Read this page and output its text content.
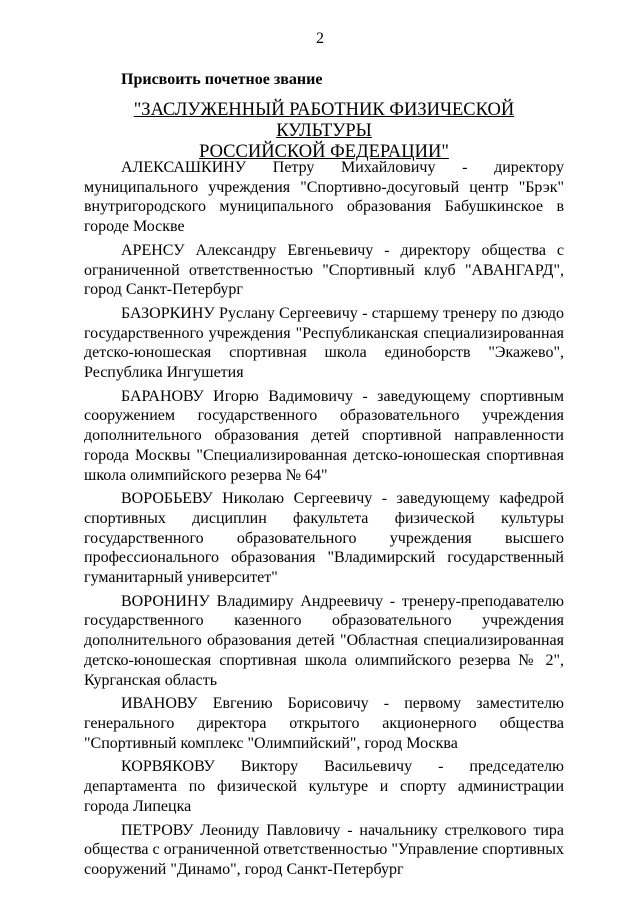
2
Присвоить почетное звание
"ЗАСЛУЖЕННЫЙ РАБОТНИК ФИЗИЧЕСКОЙ КУЛЬТУРЫ
РОССИЙСКОЙ ФЕДЕРАЦИИ"

АЛЕКСАШКИНУ Петру Михайловичу - директору муниципального учреждения "Спортивно-досуговый центр "Брэк" внутригородского муниципального образования Бабушкинское в городе Москве

АРЕНСУ Александру Евгеньевичу - директору общества с ограниченной ответственностью "Спортивный клуб "АВАНГАРД", город Санкт-Петербург

БАЗОРКИНУ Руслану Сергеевичу - старшему тренеру по дзюдо государственного учреждения "Республиканская специализированная детско-юношеская спортивная школа единоборств "Экажево", Республика Ингушетия

БАРАНОВУ Игорю Вадимовичу - заведующему спортивным сооружением государственного образовательного учреждения дополнительного образования детей спортивной направленности города Москвы "Специализированная детско-юношеская спортивная школа олимпийского резерва № 64"

ВОРОБЬЕВУ Николаю Сергеевичу - заведующему кафедрой спортивных дисциплин факультета физической культуры государственного образовательного учреждения высшего профессионального образования "Владимирский государственный гуманитарный университет"

ВОРОНИНУ Владимиру Андреевичу - тренеру-преподавателю государственного казенного образовательного учреждения дополнительного образования детей "Областная специализированная детско-юношеская спортивная школа олимпийского резерва № 2", Курганская область

ИВАНОВУ Евгению Борисовичу - первому заместителю генерального директора открытого акционерного общества "Спортивный комплекс "Олимпийский", город Москва

КОРВЯКОВУ Виктору Васильевичу - председателю департамента по физической культуре и спорту администрации города Липецка

ПЕТРОВУ Леониду Павловичу - начальнику стрелкового тира общества с ограниченной ответственностью "Управление спортивных сооружений "Динамо", город Санкт-Петербург
